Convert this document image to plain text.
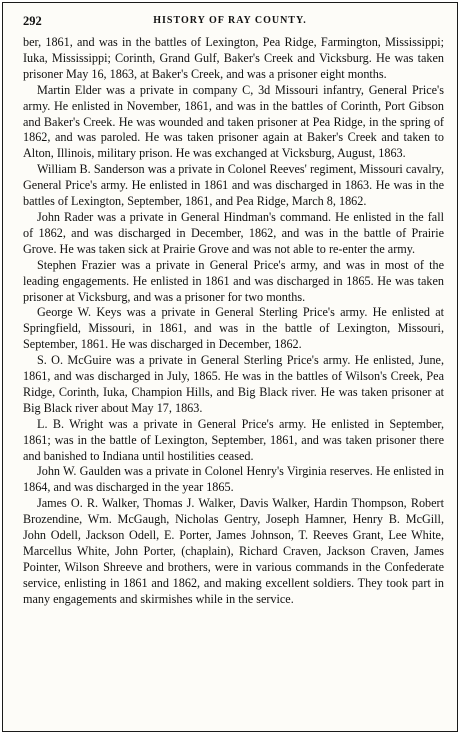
292	HISTORY OF RAY COUNTY.

ber, 1861, and was in the battles of Lexington, Pea Ridge, Farmington, Mississippi; Iuka, Mississippi; Corinth, Grand Gulf, Baker's Creek and Vicksburg. He was taken prisoner May 16, 1863, at Baker's Creek, and was a prisoner eight months.

Martin Elder was a private in company C, 3d Missouri infantry, General Price's army. He enlisted in November, 1861, and was in the battles of Corinth, Port Gibson and Baker's Creek. He was wounded and taken prisoner at Pea Ridge, in the spring of 1862, and was paroled. He was taken prisoner again at Baker's Creek and taken to Alton, Illinois, military prison. He was exchanged at Vicksburg, August, 1863.

William B. Sanderson was a private in Colonel Reeves' regiment, Missouri cavalry, General Price's army. He enlisted in 1861 and was discharged in 1863. He was in the battles of Lexington, September, 1861, and Pea Ridge, March 8, 1862.

John Rader was a private in General Hindman's command. He enlisted in the fall of 1862, and was discharged in December, 1862, and was in the battle of Prairie Grove. He was taken sick at Prairie Grove and was not able to re-enter the army.

Stephen Frazier was a private in General Price's army, and was in most of the leading engagements. He enlisted in 1861 and was discharged in 1865. He was taken prisoner at Vicksburg, and was a prisoner for two months.

George W. Keys was a private in General Sterling Price's army. He enlisted at Springfield, Missouri, in 1861, and was in the battle of Lexington, Missouri, September, 1861. He was discharged in December, 1862.

S. O. McGuire was a private in General Sterling Price's army. He enlisted, June, 1861, and was discharged in July, 1865. He was in the battles of Wilson's Creek, Pea Ridge, Corinth, Iuka, Champion Hills, and Big Black river. He was taken prisoner at Big Black river about May 17, 1863.

L. B. Wright was a private in General Price's army. He enlisted in September, 1861; was in the battle of Lexington, September, 1861, and was taken prisoner there and banished to Indiana until hostilities ceased.

John W. Gaulden was a private in Colonel Henry's Virginia reserves. He enlisted in 1864, and was discharged in the year 1865.

James O. R. Walker, Thomas J. Walker, Davis Walker, Hardin Thompson, Robert Brozendine, Wm. McGaugh, Nicholas Gentry, Joseph Hamner, Henry B. McGill, John Odell, Jackson Odell, E. Porter, James Johnson, T. Reeves Grant, Lee White, Marcellus White, John Porter, (chaplain), Richard Craven, Jackson Craven, James Pointer, Wilson Shreeve and brothers, were in various commands in the Confederate service, enlisting in 1861 and 1862, and making excellent soldiers. They took part in many engagements and skirmishes while in the service.
